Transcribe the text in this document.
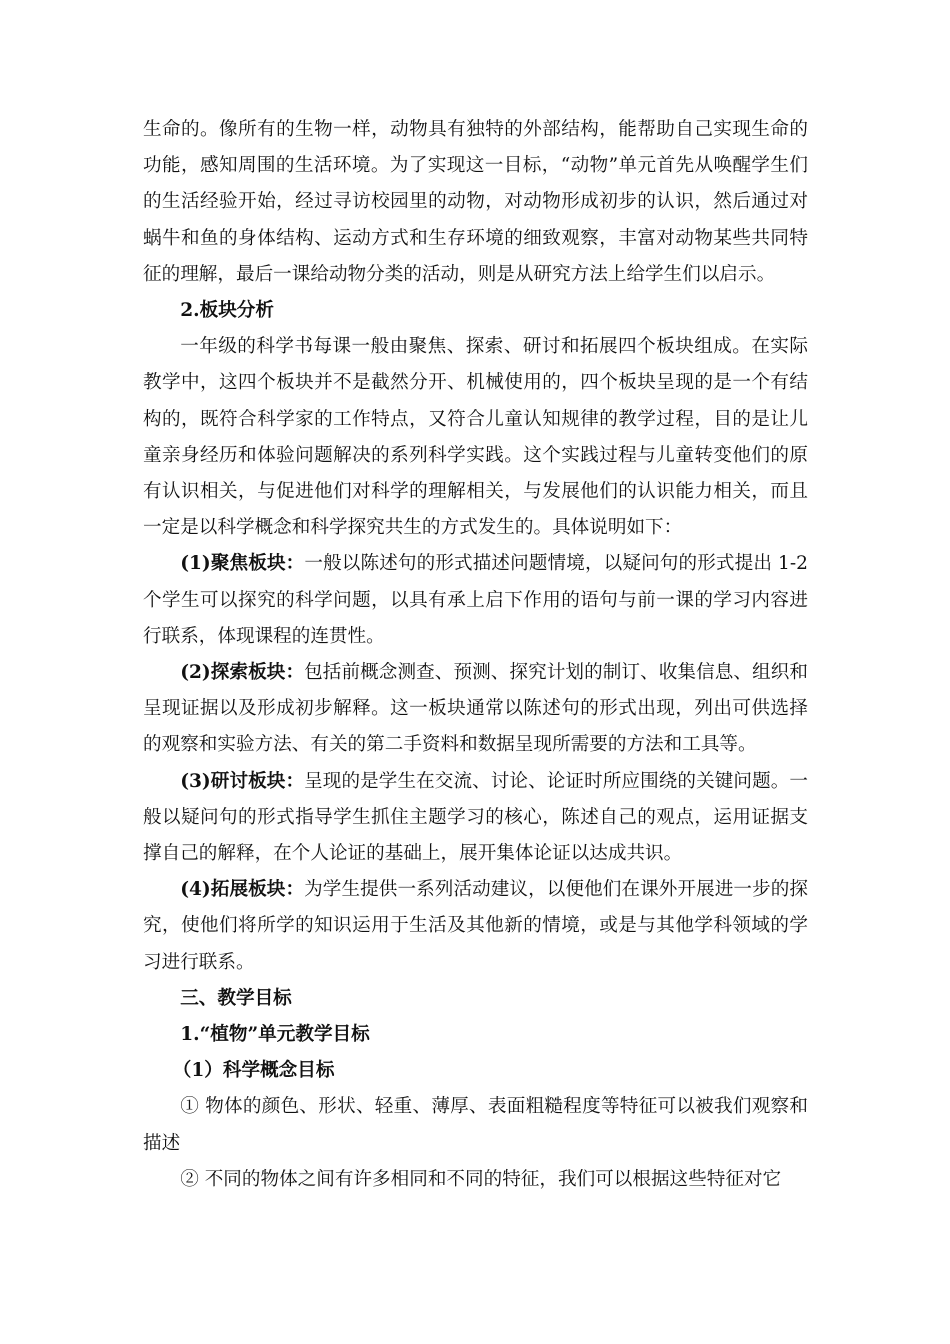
生命的。像所有的生物一样，动物具有独特的外部结构，能帮助自己实现生命的功能，感知周围的生活环境。为了实现这一目标，“动物”单元首先从唤醒学生们的生活经验开始，经过寻访校园里的动物，对动物形成初步的认识，然后通过对蜗牛和鱼的身体结构、运动方式和生存环境的细致观察，丰富对动物某些共同特征的理解，最后一课给动物分类的活动，则是从研究方法上给学生们以启示。

2.板块分析

一年级的科学书每课一般由聚焦、探索、研讨和拓展四个板块组成。在实际教学中，这四个板块并不是截然分开、机械使用的，四个板块呈现的是一个有结构的，既符合科学家的工作特点，又符合儿童认知规律的教学过程，目的是让儿童亲身经历和体验问题解决的系列科学实践。这个实践过程与儿童转变他们的原有认识相关，与促进他们对科学的理解相关，与发展他们的认识能力相关，而且一定是以科学概念和科学探究共生的方式发生的。具体说明如下：

(1)聚焦板块：一般以陈述句的形式描述问题情境，以疑问句的形式提出 1-2 个学生可以探究的科学问题，以具有承上启下作用的语句与前一课的学习内容进行联系，体现课程的连贯性。

(2)探索板块：包括前概念测查、预测、探究计划的制订、收集信息、组织和呈现证据以及形成初步解释。这一板块通常以陈述句的形式出现，列出可供选择的观察和实验方法、有关的第二手资料和数据呈现所需要的方法和工具等。

(3)研讨板块：呈现的是学生在交流、讨论、论证时所应围绕的关键问题。一般以疑问句的形式指导学生抓住主题学习的核心，陈述自己的观点，运用证据支撑自己的解释，在个人论证的基础上，展开集体论证以达成共识。

(4)拓展板块：为学生提供一系列活动建议，以便他们在课外开展进一步的探究，使他们将所学的知识运用于生活及其他新的情境，或是与其他学科领域的学习进行联系。

三、教学目标

1.“植物”单元教学目标

（1）科学概念目标

① 物体的颜色、形状、轻重、薄厚、表面粗糙程度等特征可以被我们观察和描述

② 不同的物体之间有许多相同和不同的特征，我们可以根据这些特征对它
